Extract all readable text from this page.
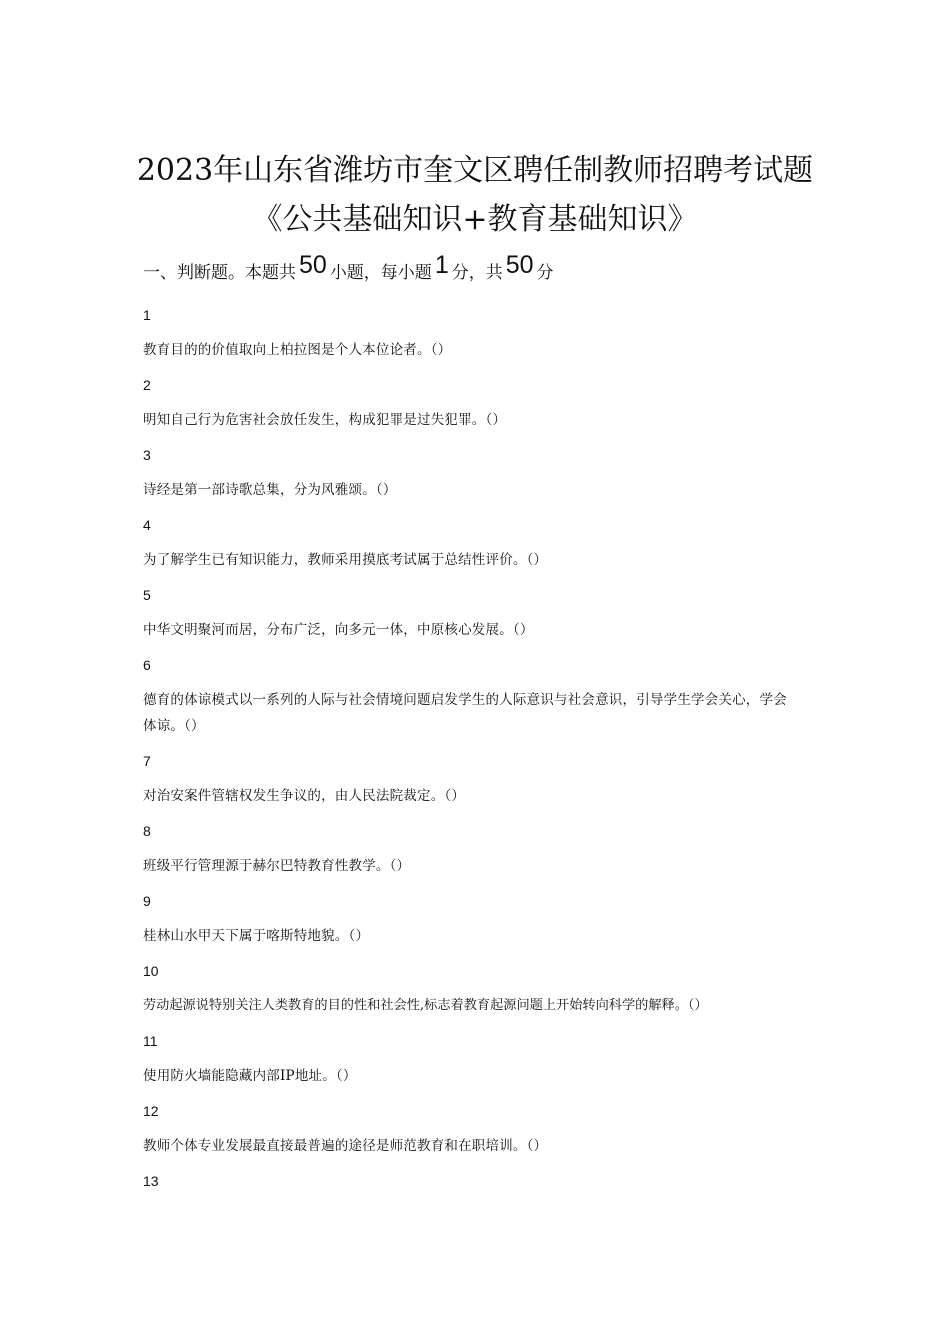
2023年山东省潍坊市奎文区聘任制教师招聘考试题
《公共基础知识+教育基础知识》
一、判断题。本题共 50 小题，每小题 1 分，共 50 分
1
教育目的的价值取向上柏拉图是个人本位论者。（）
2
明知自己行为危害社会放任发生，构成犯罪是过失犯罪。（）
3
诗经是第一部诗歌总集，分为风雅颂。（）
4
为了解学生已有知识能力，教师采用摸底考试属于总结性评价。（）
5
中华文明聚河而居，分布广泛，向多元一体，中原核心发展。（）
6
德育的体谅模式以一系列的人际与社会情境问题启发学生的人际意识与社会意识，引导学生学会关心，学会体谅。（）
7
对治安案件管辖权发生争议的，由人民法院裁定。（）
8
班级平行管理源于赫尔巴特教育性教学。（）
9
桂林山水甲天下属于喀斯特地貌。（）
10
劳动起源说特别关注人类教育的目的性和社会性,标志着教育起源问题上开始转向科学的解释。（）
11
使用防火墙能隐藏内部IP地址。（）
12
教师个体专业发展最直接最普遍的途径是师范教育和在职培训。（）
13
